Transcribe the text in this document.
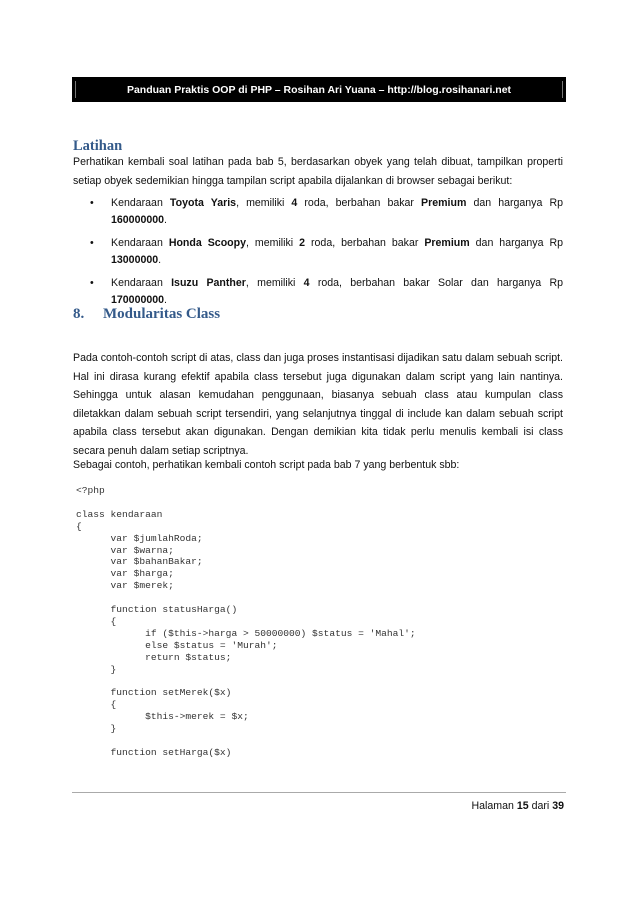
Panduan Praktis OOP di PHP – Rosihan Ari Yuana – http://blog.rosihanari.net
Latihan

Perhatikan kembali soal latihan pada bab 5, berdasarkan obyek yang telah dibuat, tampilkan properti setiap obyek sedemikian hingga tampilan script apabila dijalankan di browser sebagai berikut:

• Kendaraan Toyota Yaris, memiliki 4 roda, berbahan bakar Premium dan harganya Rp 160000000.
• Kendaraan Honda Scoopy, memiliki 2 roda, berbahan bakar Premium dan harganya Rp 13000000.
• Kendaraan Isuzu Panther, memiliki 4 roda, berbahan bakar Solar dan harganya Rp 170000000.
8. Modularitas Class

Pada contoh-contoh script di atas, class dan juga proses instantisasi dijadikan satu dalam sebuah script. Hal ini dirasa kurang efektif apabila class tersebut juga digunakan dalam script yang lain nantinya. Sehingga untuk alasan kemudahan penggunaan, biasanya sebuah class atau kumpulan class diletakkan dalam sebuah script tersendiri, yang selanjutnya tinggal di include kan dalam sebuah script apabila class tersebut akan digunakan. Dengan demikian kita tidak perlu menulis kembali isi class secara penuh dalam setiap scriptnya.

Sebagai contoh, perhatikan kembali contoh script pada bab 7 yang berbentuk sbb:

<?php

class kendaraan
{
var $jumlahRoda;
var $warna;
var $bahanBakar;
var $harga;
var $merek;

function statusHarga()
{
if ($this->harga > 50000000) $status = 'Mahal';
else $status = 'Murah';
return $status;
}

function setMerek($x)
{
$this->merek = $x;
}

function setHarga($x)
Halaman 15 dari 39
